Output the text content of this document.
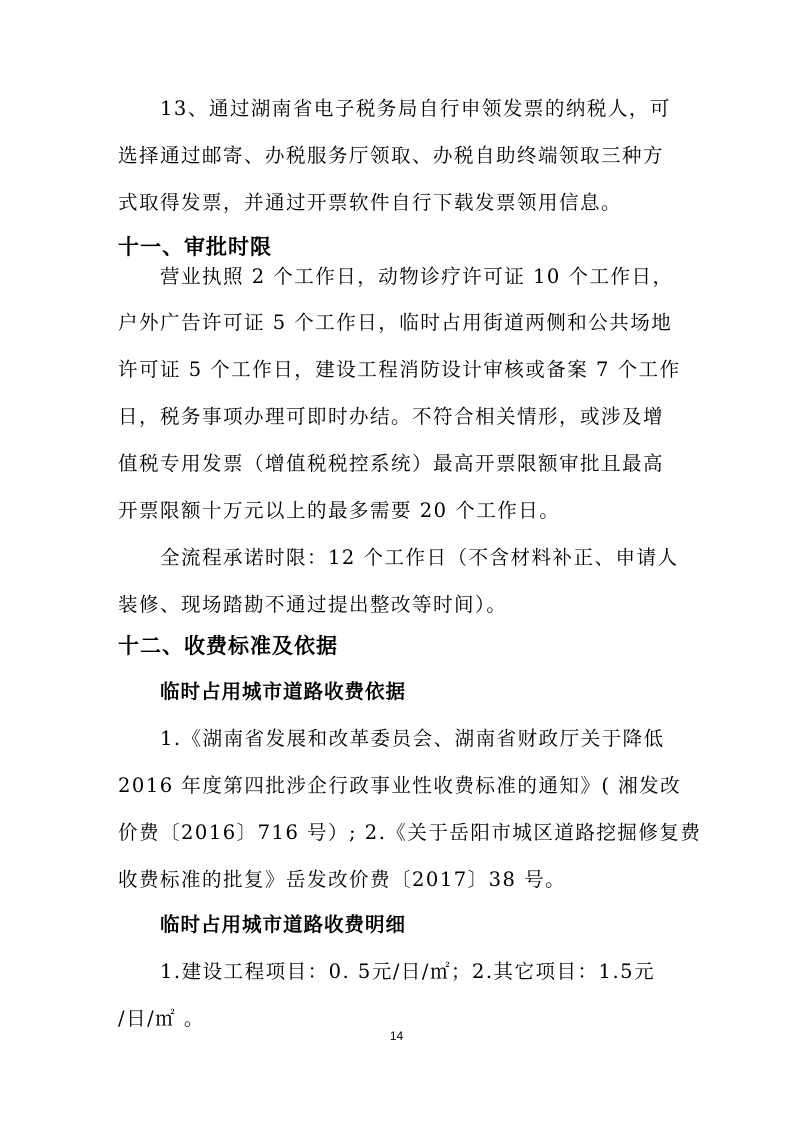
13、通过湖南省电子税务局自行申领发票的纳税人，可
选择通过邮寄、办税服务厅领取、办税自助终端领取三种方
式取得发票，并通过开票软件自行下载发票领用信息。
十一、审批时限
营业执照 2 个工作日，动物诊疗许可证 10 个工作日，
户外广告许可证 5 个工作日，临时占用街道两侧和公共场地
许可证 5 个工作日，建设工程消防设计审核或备案 7 个工作
日，税务事项办理可即时办结。不符合相关情形，或涉及增
值税专用发票（增值税税控系统）最高开票限额审批且最高
开票限额十万元以上的最多需要 20 个工作日。
全流程承诺时限：12 个工作日（不含材料补正、申请人
装修、现场踏勘不通过提出整改等时间）。
十二、收费标准及依据
临时占用城市道路收费依据
1.《湖南省发展和改革委员会、湖南省财政厅关于降低
2016 年度第四批涉企行政事业性收费标准的通知》( 湘发改
价费〔2016〕716 号）; 2.《关于岳阳市城区道路挖掘修复费
收费标准的批复》岳发改价费〔2017〕38 号。
临时占用城市道路收费明细
1.建设工程项目：0. 5元/日/㎡；2.其它项目：1.5元
/日/㎡ 。
14
